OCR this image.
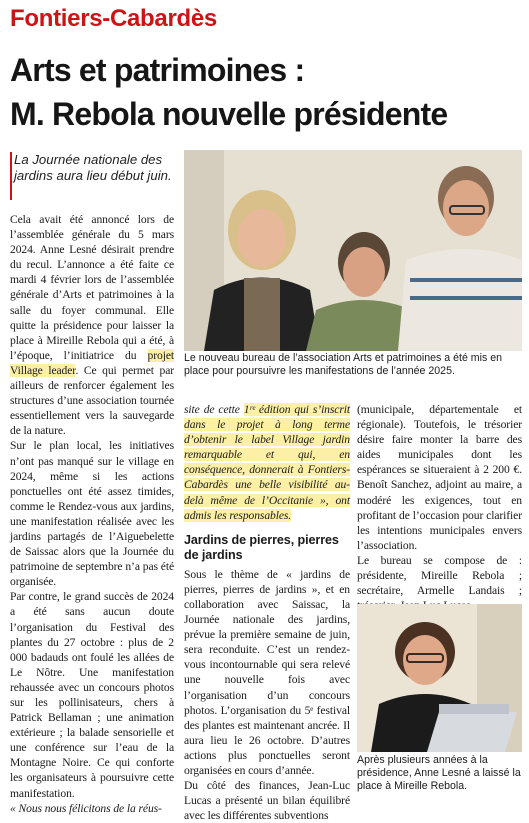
Fontiers-Cabardès
Arts et patrimoines :
M. Rebola nouvelle présidente
La Journée nationale des jardins aura lieu début juin.

Cela avait été annoncé lors de l’assemblée générale du 5 mars 2024. Anne Lesné désirait prendre du recul. L’annonce a été faite ce mardi 4 février lors de l’assemblée générale d’Arts et patrimoines à la salle du foyer communal. Elle quitte la présidence pour laisser la place à Mireille Rebola qui a été, à l’époque, l’initiatrice du projet Village leader. Ce qui permet par ailleurs de renforcer également les structures d’une association tournée essentiellement vers la sauvegarde de la nature.

Sur le plan local, les initiatives n’ont pas manqué sur le village en 2024, même si les actions ponctuelles ont été assez timides, comme le Rendez-vous aux jardins, une manifestation réalisée avec les jardins partagés de l’Aiguebelette de Saissac alors que la Journée du patrimoine de septembre n’a pas été organisée.

Par contre, le grand succès de 2024 a été sans aucun doute l’organisation du Festival des plantes du 27 octobre : plus de 2 000 badauds ont foulé les allées de Le Nôtre. Une manifestation rehaussée avec un concours photos sur les pollinisateurs, chers à Patrick Bellaman ; une animation extérieure ; la balade sensorielle et une conférence sur l’eau de la Montagne Noire. Ce qui conforte les organisateurs à poursuivre cette manifestation.

« Nous nous félicitons de la réus-

Le nouveau bureau de l’association Arts et patrimoines a été mis en place pour poursuivre les manifestations de l’année 2025.

site de cette 1ʳᵉ édition qui s’inscrit dans le projet à long terme d’obtenir le label Village jardin remarquable et qui, en conséquence, donnerait à Fontiers-Cabardès une belle visibilité au-delà même de l’Occitanie », ont admis les responsables.

Jardins de pierres, pierres de jardins

Sous le thème de « jardins de pierres, pierres de jardins », et en collaboration avec Saissac, la Journée nationale des jardins, prévue la première semaine de juin, sera reconduite. C’est un rendez-vous incontournable qui sera relevé une nouvelle fois avec l’organisation d’un concours photos. L’organisation du 5ᵉ festival des plantes est maintenant ancrée. Il aura lieu le 26 octobre. D’autres actions plus ponctuelles seront organisées en cours d’année.

Du côté des finances, Jean-Luc Lucas a présenté un bilan équilibré avec les différentes subventions

(municipale, départementale et régionale). Toutefois, le trésorier désire faire monter la barre des aides municipales dont les espérances se situeraient à 2 200 €. Benoît Sanchez, adjoint au maire, a modéré les exigences, tout en profitant de l’occasion pour clarifier les intentions municipales envers l’association.

Le bureau se compose de : présidente, Mireille Rebola ; secrétaire, Armelle Landais ;

Après plusieurs années à la présidence, Anne Lesné a laissé la place à Mireille Rebola.
